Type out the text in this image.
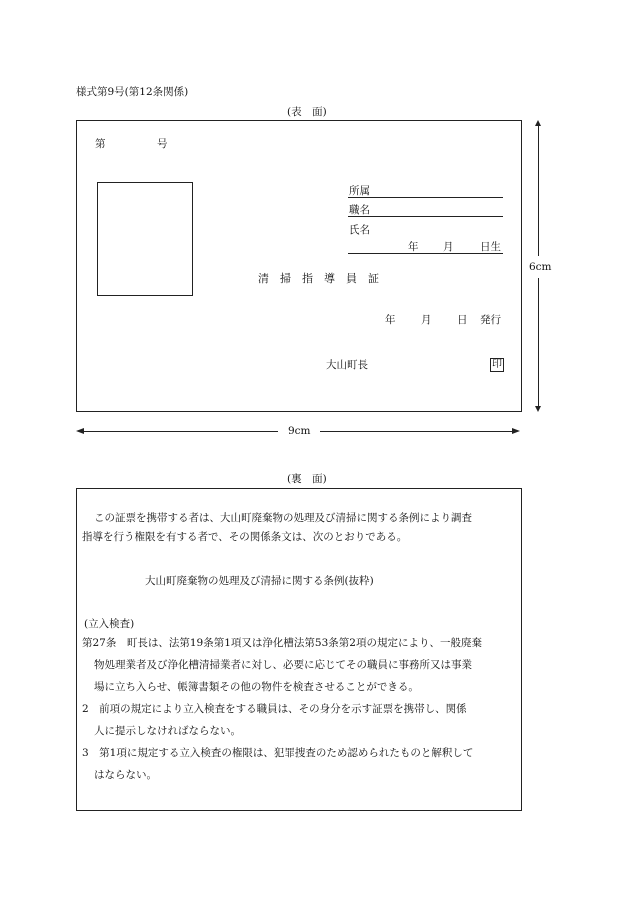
様式第9号(第12条関係)
(表　面)
第	号
所属
職名
氏名
年 月	日生
清　掃　指　導　員　証
年 月 日 発行
大山町長	印
6cm
9cm
(裏　面)
この証票を携帯する者は、大山町廃棄物の処理及び清掃に関する条例により調査
指導を行う権限を有する者で、その関係条文は、次のとおりである。
大山町廃棄物の処理及び清掃に関する条例(抜粋)
(立入検査)
第27条　町長は、法第19条第1項又は浄化槽法第53条第2項の規定により、一般廃棄
物処理業者及び浄化槽清掃業者に対し、必要に応じてその職員に事務所又は事業
場に立ち入らせ、帳簿書類その他の物件を検査させることができる。
2　前項の規定により立入検査をする職員は、その身分を示す証票を携帯し、関係
人に提示しなければならない。
3　第1項に規定する立入検査の権限は、犯罪捜査のため認められたものと解釈して
はならない。
